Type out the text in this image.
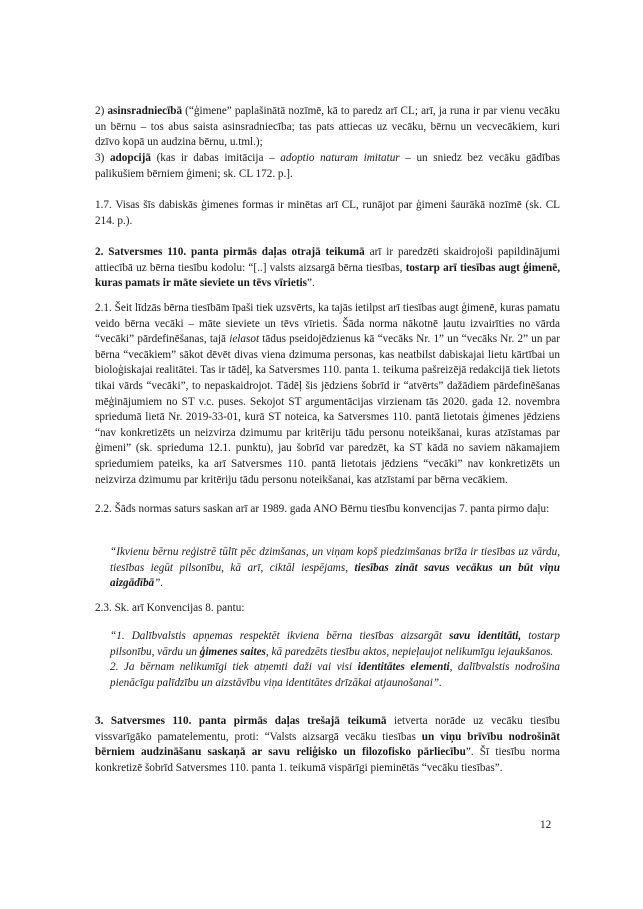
2) asinsradniecībā (“ģimene” paplašinātā nozīmē, kā to paredz arī CL; arī, ja runa ir par vienu vecāku un bērnu – tos abus saista asinsradniecība; tas pats attiecas uz vecāku, bērnu un vecvecākiem, kuri dzīvo kopā un audzina bērnu, u.tml.);

3) adopcijā (kas ir dabas imitācija – adoptio naturam imitatur – un sniedz bez vecāku gādības palikušiem bērniem ģimeni; sk. CL 172. p.].

1.7. Visas šīs dabiskās ģimenes formas ir minētas arī CL, runājot par ģimeni šaurākā nozīmē (sk. CL 214. p.).

2. Satversmes 110. panta pirmās daļas otrajā teikumā arī ir paredzēti skaidrojoši papildinājumi attiecībā uz bērna tiesību kodolu: “[..] valsts aizsargā bērna tiesības, tostarp arī tiesības augt ģimenē, kuras pamats ir māte sieviete un tēvs vīrietis”.

2.1. Šeit līdzās bērna tiesībām īpaši tiek uzsvērts, ka tajās ietilpst arī tiesības augt ģimenē, kuras pamatu veido bērna vecāki – māte sieviete un tēvs vīrietis. Šāda norma nākotnē ļautu izvairīties no vārda “vecāki” pārdefinēšanas, tajā ielasot tādus pseidojēdzienus kā “vecāks Nr. 1” un “vecāks Nr. 2” un par bērna “vecākiem” sākot dēvēt divas viena dzimuma personas, kas neatbilst dabiskajai lietu kārtībai un bioloģiskajai realitātei. Tas ir tādēļ, ka Satversmes 110. panta 1. teikuma pašreizējā redakcijā tiek lietots tikai vārds “vecāki”, to nepaskaidrojot. Tādēļ šis jēdziens šobrīd ir “atvērts” dažādiem pārdefinēšanas mēģinājumiem no ST v.c. puses. Sekojot ST argumentācijas virzienam tās 2020. gada 12. novembra spriedumā lietā Nr. 2019-33-01, kurā ST noteica, ka Satversmes 110. pantā lietotais ģimenes jēdziens “nav konkretizēts un neizvirza dzimumu par kritēriju tādu personu noteikšanai, kuras atzīstamas par ģimeni” (sk. sprieduma 12.1. punktu), jau šobrīd var paredzēt, ka ST kādā no saviem nākamajiem spriedumiem pateiks, ka arī Satversmes 110. pantā lietotais jēdziens “vecāki” nav konkretizēts un neizvirza dzimumu par kritēriju tādu personu noteikšanai, kas atzīstami par bērna vecākiem.

2.2. Šāds normas saturs saskan arī ar 1989. gada ANO Bērnu tiesību konvencijas 7. panta pirmo daļu:

“Ikvienu bērnu reģistrē tūlīt pēc dzimšanas, un viņam kopš piedzimšanas brīža ir tiesības uz vārdu, tiesības iegūt pilsonību, kā arī, ciktāl iespējams, tiesības zināt savus vecākus un būt viņu aizgādībā”.

2.3. Sk. arī Konvencijas 8. pantu:

“1. Dalībvalstis apņemas respektēt ikviena bērna tiesības aizsargāt savu identitāti, tostarp pilsonību, vārdu un ģimenes saites, kā paredzēts tiesību aktos, nepieļaujot nelikumīgu iejaukšanos.
2. Ja bērnam nelikumīgi tiek atņemti daži vai visi identitātes elementi, dalībvalstis nodrošina pienācīgu palīdzību un aizstāvību viņa identitātes drīzākai atjaunošanai”.

3. Satversmes 110. panta pirmās daļas trešajā teikumā ietverta norāde uz vecāku tiesību vissvarīgāko pamatelementu, proti: “Valsts aizsargā vecāku tiesības un viņu brīvību nodrošināt bērniem audzināšanu saskaņā ar savu reliģisko un filozofisko pārliecību”. Šī tiesību norma konkretizē šobrīd Satversmes 110. panta 1. teikumā vispārīgi pieminētās “vecāku tiesības”.

12
